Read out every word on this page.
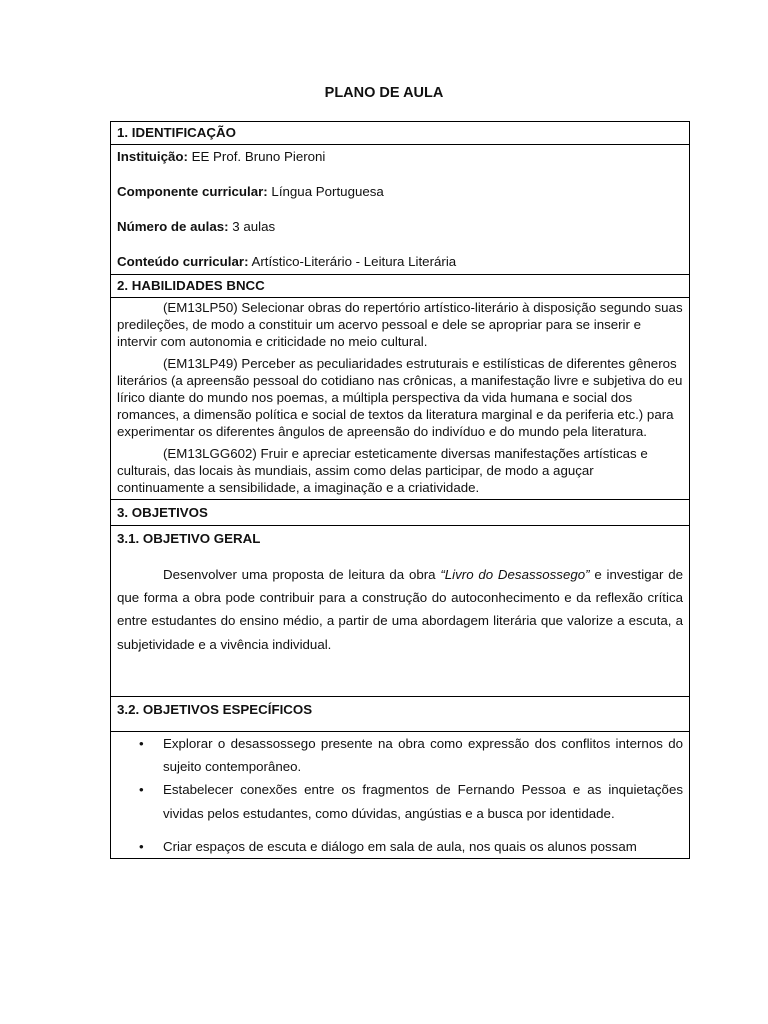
PLANO DE AULA
1. IDENTIFICAÇÃO

Instituição: EE Prof. Bruno Pieroni

Componente curricular: Língua Portuguesa

Número de aulas: 3 aulas

Conteúdo curricular: Artístico-Literário - Leitura Literária

2. HABILIDADES BNCC

(EM13LP50) Selecionar obras do repertório artístico-literário à disposição segundo suas predileções, de modo a constituir um acervo pessoal e dele se apropriar para se inserir e intervir com autonomia e criticidade no meio cultural.

(EM13LP49) Perceber as peculiaridades estruturais e estilísticas de diferentes gêneros literários (a apreensão pessoal do cotidiano nas crônicas, a manifestação livre e subjetiva do eu lírico diante do mundo nos poemas, a múltipla perspectiva da vida humana e social dos romances, a dimensão política e social de textos da literatura marginal e da periferia etc.) para experimentar os diferentes ângulos de apreensão do indivíduo e do mundo pela literatura.

(EM13LGG602) Fruir e apreciar esteticamente diversas manifestações artísticas e culturais, das locais às mundiais, assim como delas participar, de modo a aguçar continuamente a sensibilidade, a imaginação e a criatividade.

3. OBJETIVOS

3.1. OBJETIVO GERAL

Desenvolver uma proposta de leitura da obra “Livro do Desassossego” e investigar de que forma a obra pode contribuir para a construção do autoconhecimento e da reflexão crítica entre estudantes do ensino médio, a partir de uma abordagem literária que valorize a escuta, a subjetividade e a vivência individual.

3.2. OBJETIVOS ESPECÍFICOS

• Explorar o desassossego presente na obra como expressão dos conflitos internos do sujeito contemporâneo.
• Estabelecer conexões entre os fragmentos de Fernando Pessoa e as inquietações vividas pelos estudantes, como dúvidas, angústias e a busca por identidade.
• Criar espaços de escuta e diálogo em sala de aula, nos quais os alunos possam
